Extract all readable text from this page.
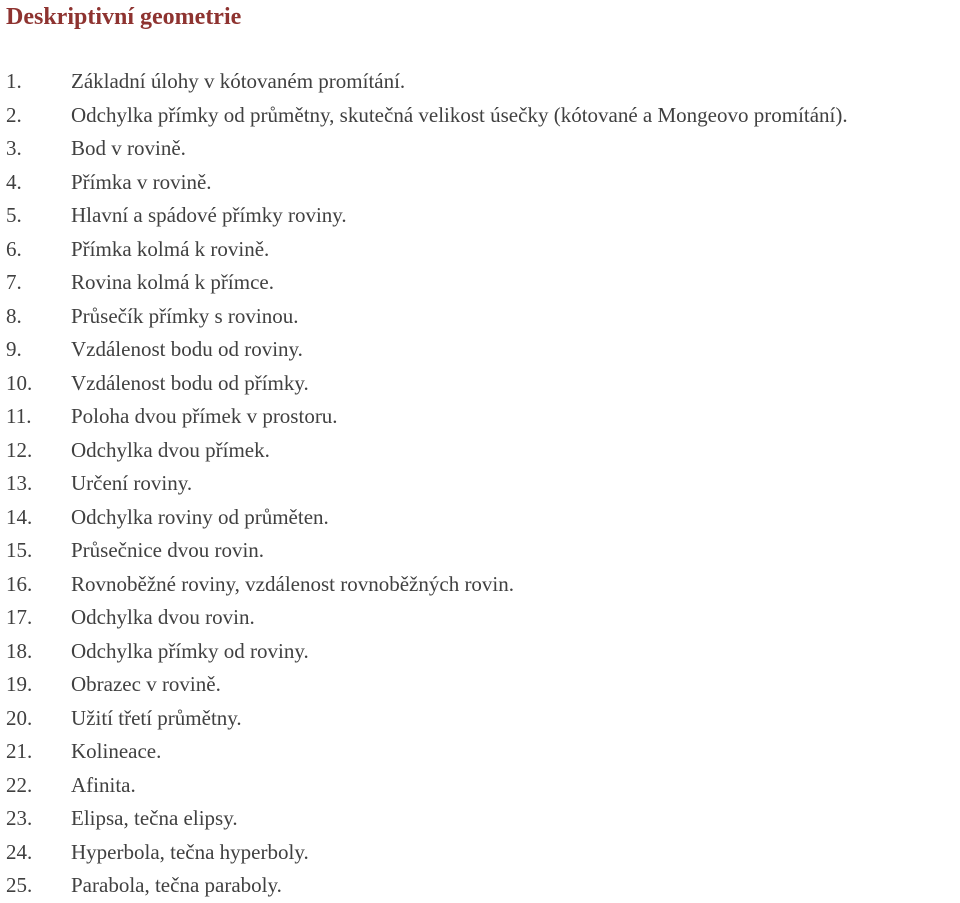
Deskriptivní geometrie
1. Základní úlohy v kótovaném promítání.
2. Odchylka přímky od průmětny, skutečná velikost úsečky (kótované a Mongeovo promítání).
3. Bod v rovině.
4. Přímka v rovině.
5. Hlavní a spádové přímky roviny.
6. Přímka kolmá k rovině.
7. Rovina kolmá k přímce.
8. Průsečík přímky s rovinou.
9. Vzdálenost bodu od roviny.
10. Vzdálenost bodu od přímky.
11. Poloha dvou přímek v prostoru.
12. Odchylka dvou přímek.
13. Určení roviny.
14. Odchylka roviny od průměten.
15. Průsečnice dvou rovin.
16. Rovnoběžné roviny, vzdálenost rovnoběžných rovin.
17. Odchylka dvou rovin.
18. Odchylka přímky od roviny.
19. Obrazec v rovině.
20. Užití třetí průmětny.
21. Kolineace.
22. Afinita.
23. Elipsa, tečna elipsy.
24. Hyperbola, tečna hyperboly.
25. Parabola, tečna paraboly.
